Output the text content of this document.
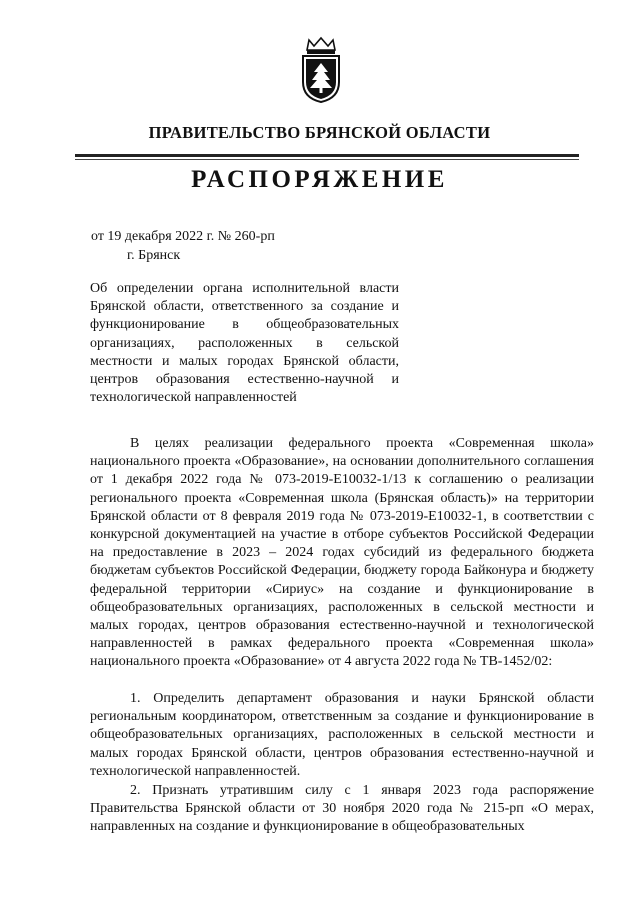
ПРАВИТЕЛЬСТВО БРЯНСКОЙ ОБЛАСТИ
РАСПОРЯЖЕНИЕ
от 19 декабря 2022 г. № 260-рп
г. Брянск

Об определении органа исполнительной власти Брянской области, ответственного за создание и функционирование в общеобразовательных организациях, расположенных в сельской местности и малых городах Брянской области, центров образования естественно-научной и технологической направленностей

В целях реализации федерального проекта «Современная школа» национального проекта «Образование», на основании дополнительного соглашения от 1 декабря 2022 года № 073-2019-Е10032-1/13 к соглашению о реализации регионального проекта «Современная школа (Брянская область)» на территории Брянской области от 8 февраля 2019 года № 073-2019-Е10032-1, в соответствии с конкурсной документацией на участие в отборе субъектов Российской Федерации на предоставление в 2023 – 2024 годах субсидий из федерального бюджета бюджетам субъектов Российской Федерации, бюджету города Байконура и бюджету федеральной территории «Сириус» на создание и функционирование в общеобразовательных организациях, расположенных в сельской местности и малых городах, центров образования естественно-научной и технологической направленностей в рамках федерального проекта «Современная школа» национального проекта «Образование» от 4 августа 2022 года № ТВ-1452/02:

1. Определить департамент образования и науки Брянской области региональным координатором, ответственным за создание и функционирование в общеобразовательных организациях, расположенных в сельской местности и малых городах Брянской области, центров образования естественно-научной и технологической направленностей.

2. Признать утратившим силу с 1 января 2023 года распоряжение Правительства Брянской области от 30 ноября 2020 года № 215-рп «О мерах, направленных на создание и функционирование в общеобразовательных
